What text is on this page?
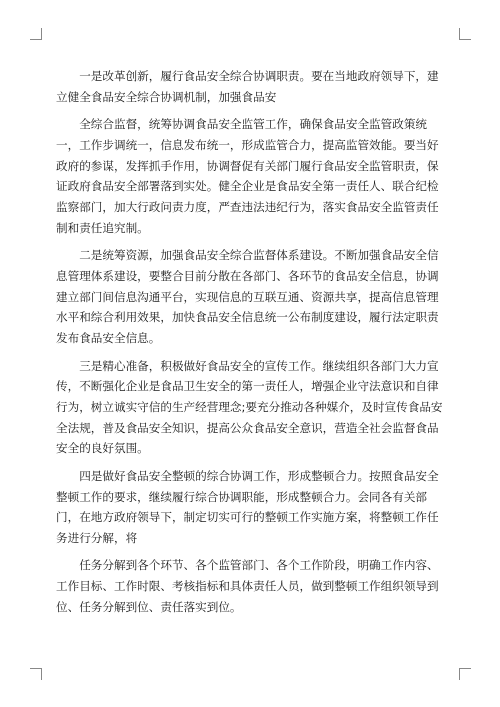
一是改革创新，履行食品安全综合协调职责。要在当地政府领导下，建立健全食品安全综合协调机制，加强食品安

全综合监督，统筹协调食品安全监管工作，确保食品安全监管政策统一，工作步调统一，信息发布统一，形成监管合力，提高监管效能。要当好政府的参谋，发挥抓手作用，协调督促有关部门履行食品安全监管职责，保证政府食品安全部署落到实处。健全企业是食品安全第一责任人、联合纪检监察部门，加大行政问责力度，严查违法违纪行为，落实食品安全监管责任制和责任追究制。

二是统筹资源，加强食品安全综合监督体系建设。不断加强食品安全信息管理体系建设，要整合目前分散在各部门、各环节的食品安全信息，协调建立部门间信息沟通平台，实现信息的互联互通、资源共享，提高信息管理水平和综合利用效果，加快食品安全信息统一公布制度建设，履行法定职责发布食品安全信息。

三是精心准备，积极做好食品安全的宣传工作。继续组织各部门大力宣传，不断强化企业是食品卫生安全的第一责任人，增强企业守法意识和自律行为，树立诚实守信的生产经营理念;要充分推动各种媒介，及时宣传食品安全法规，普及食品安全知识，提高公众食品安全意识，营造全社会监督食品安全的良好氛围。

四是做好食品安全整顿的综合协调工作，形成整顿合力。按照食品安全整顿工作的要求，继续履行综合协调职能，形成整顿合力。会同各有关部门，在地方政府领导下，制定切实可行的整顿工作实施方案，将整顿工作任务进行分解，将

任务分解到各个环节、各个监管部门、各个工作阶段，明确工作内容、工作目标、工作时限、考核指标和具体责任人员，做到整顿工作组织领导到位、任务分解到位、责任落实到位。
